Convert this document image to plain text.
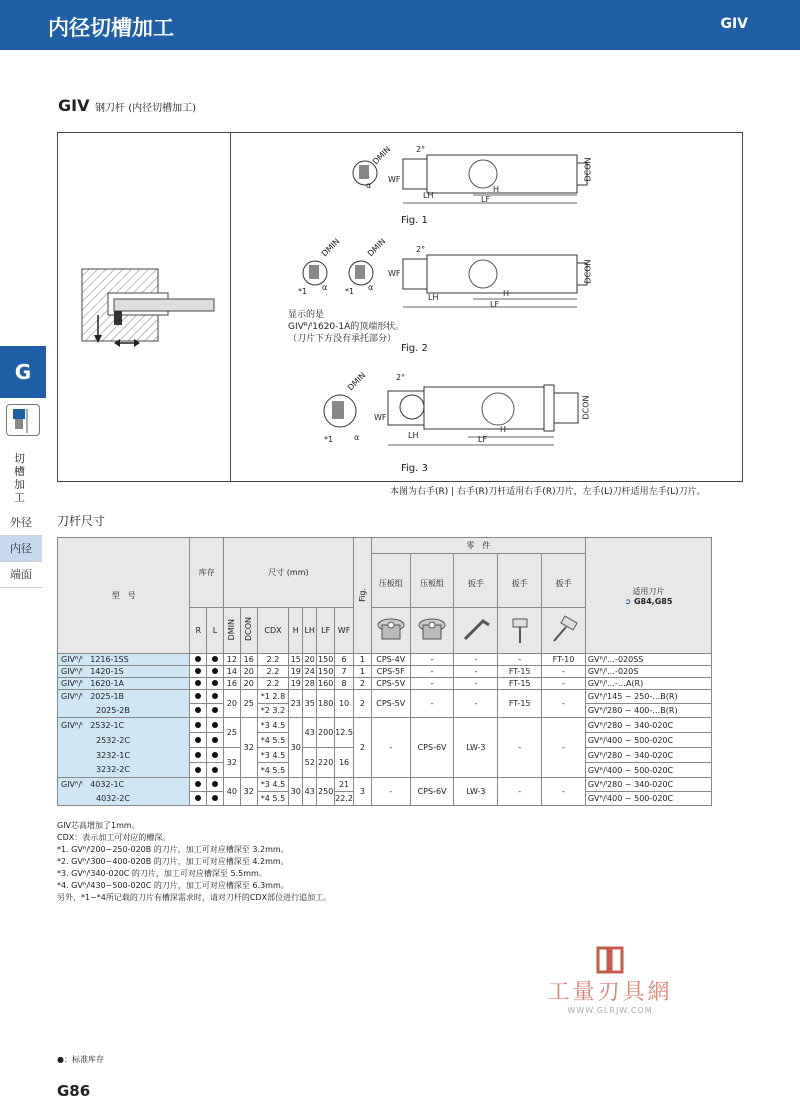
内径切槽加工	GIV
GIV 钢刀杆 (内径切槽加工)
G
切槽加工
外径
内径
端面
DMIN
WF
α
2°
LH
H
LF
DCON
Fig. 1
DMIN	DMIN
*1	*1
α	α
2°
WF
LH	H
LF
DCON
显示的是
GIVᴿ/ˡ1620-1A的顶端形状。
（刀片下方没有承托部分）
Fig. 2
DMIN
*1	α
2°
WF
LH
H
LF
DCON
Fig. 3
本图为右手(R) | 右手(R)刀杆适用右手(R)刀片，左手(L)刀杆适用左手(L)刀片。
刀杆尺寸
型　号	库存		尺寸 (mm)							Fig.	零　件					适用刀片
➲ G84,G85

											压板组	压板组	扳手	扳手	扳手	
	R	L	DMIN	DCON	CDX	H	LH	LF	WF					
GIVᴿ/ˡ 1216-1SS			12	16	2.2	15	20	150	6	1	CPS-4V	-	-	-	FT-10	GVᴿ/ˡ…-020SS
GIVᴿ/ˡ 1420-1S			14	20	2.2	19	24	150	7	1	CPS-5F	-	-	FT-15	-	GVᴿ/ˡ…-020S
GIVᴿ/ˡ 1620-1A			16	20	2.2	19	28	160	8	2	CPS-5V	-	-	FT-15	-	GVᴿ/ˡ…-…A(R)
GIVᴿ/ˡ 2025-1B			20	25	*1 2.8	23	35	180	10	2	CPS-5V	-	-	FT-15	-	GVᴿ/ˡ145 ~ 250-…B(R)
2025-2B					*2 3.2											GVᴿ/ˡ280 ~ 400-…B(R)
GIVᴿ/ˡ 2532-1C			25	32	*3 4.5	30	43	200	12.5	2	-	CPS-6V	LW-3	-	-	GVᴿ/ˡ280 ~ 340-020C
2532-2C					*4 5.5											GVᴿ/ˡ400 ~ 500-020C
3232-1C			32		*3 4.5		52	220	16							GVᴿ/ˡ280 ~ 340-020C
3232-2C					*4 5.5											GVᴿ/ˡ400 ~ 500-020C
GIVᴿ/ˡ 4032-1C			40	32	*3 4.5	30	43	250	21	3	-	CPS-6V	LW-3	-	-	GVᴿ/ˡ280 ~ 340-020C
4032-2C					*4 5.5				22.2							GVᴿ/ˡ400 ~ 500-020C
GIV芯高增加了1mm。
CDX：表示加工可对应的槽深。
*1. GVᴿ/ˡ200~250-020B 的刀片，加工可对应槽深至 3.2mm。
*2. GVᴿ/ˡ300~400-020B 的刀片，加工可对应槽深至 4.2mm。
*3. GVᴿ/ˡ340-020C 的刀片，加工可对应槽深至 5.5mm。
*4. GVᴿ/ˡ430~500-020C 的刀片，加工可对应槽深至 6.3mm。
另外，*1~*4所记载的刀片有槽深需求时，请对刀杆的CDX部位进行追加工。
工量刃具網
WWW.GLRJW.COM
●：标准库存
G86
